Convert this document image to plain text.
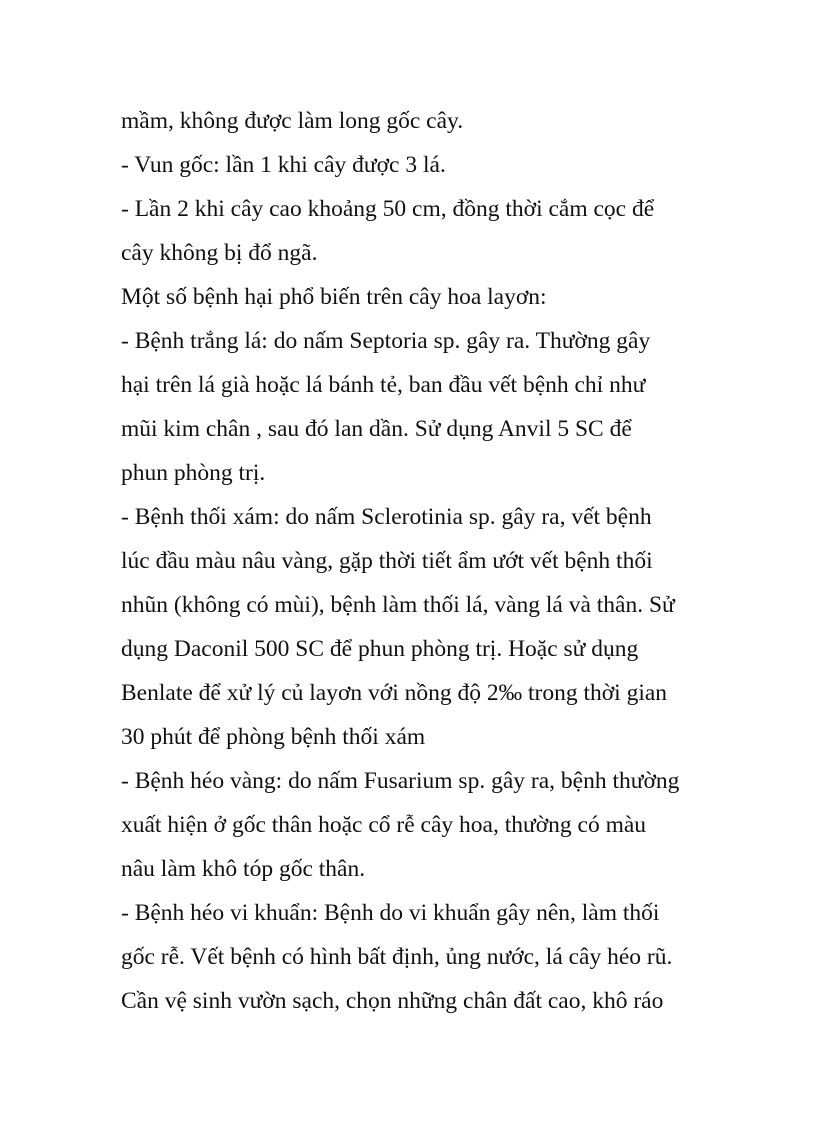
mầm, không được làm long gốc cây.
- Vun gốc: lần 1 khi cây được 3 lá.
- Lần 2 khi cây cao khoảng 50 cm, đồng thời cắm cọc để
cây không bị đổ ngã.
Một số bệnh hại phổ biến trên cây hoa layơn:
- Bệnh trắng lá: do nấm Septoria sp. gây ra. Thường gây
hại trên lá già hoặc lá bánh tẻ, ban đầu vết bệnh chỉ như
mũi kim chân , sau đó lan dần. Sử dụng Anvil 5 SC để
phun phòng trị.
- Bệnh thối xám: do nấm Sclerotinia sp. gây ra, vết bệnh
lúc đầu màu nâu vàng, gặp thời tiết ẩm ướt vết bệnh thối
nhũn (không có mùi), bệnh làm thối lá, vàng lá và thân. Sử
dụng Daconil 500 SC để phun phòng trị. Hoặc sử dụng
Benlate để xử lý củ layơn với nồng độ 2‰ trong thời gian
30 phút để phòng bệnh thối xám
- Bệnh héo vàng: do nấm Fusarium sp. gây ra, bệnh thường
xuất hiện ở gốc thân hoặc cổ rễ cây hoa, thường có màu
nâu làm khô tóp gốc thân.
- Bệnh héo vi khuẩn: Bệnh do vi khuẩn gây nên, làm thối
gốc rễ. Vết bệnh có hình bất định, ủng nước, lá cây héo rũ.
Cần vệ sinh vườn sạch, chọn những chân đất cao, khô ráo
